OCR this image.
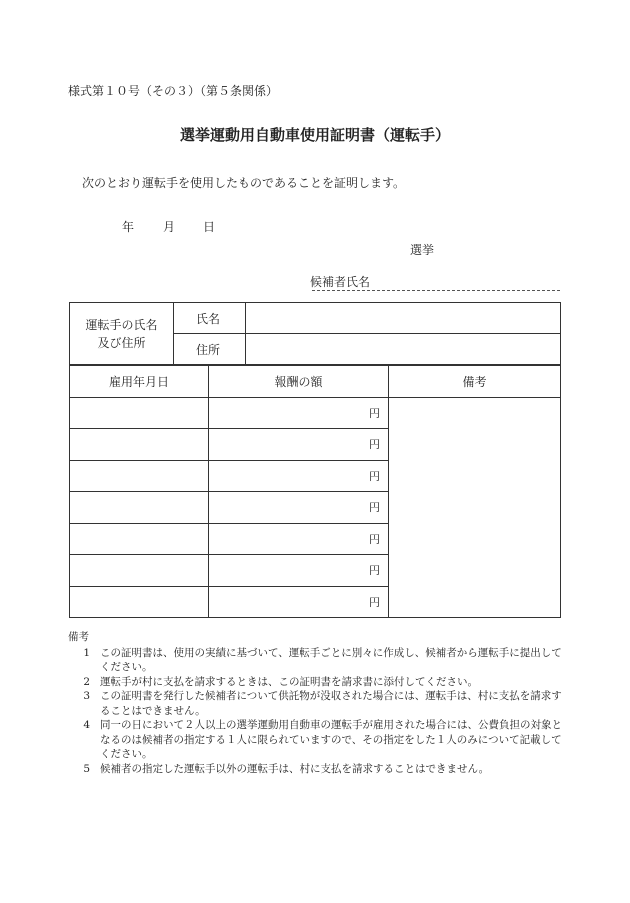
様式第１０号（その３）（第５条関係）
選挙運動用自動車使用証明書（運転手）
次のとおり運転手を使用したものであることを証明します。
年 月 日
選挙
候補者氏名
運転手の氏名
及び住所	氏名	
	住所	
雇用年月日	報酬の額	備考
	円	
	円	
	円	
	円	
	円	
	円	
	円	
備考
1 この証明書は、使用の実績に基づいて、運転手ごとに別々に作成し、候補者から運転手に提出してください。
2 運転手が村に支払を請求するときは、この証明書を請求書に添付してください。
3 この証明書を発行した候補者について供託物が没収された場合には、運転手は、村に支払を請求することはできません。
4 同一の日において２人以上の選挙運動用自動車の運転手が雇用された場合には、公費負担の対象となるのは候補者の指定する１人に限られていますので、その指定をした１人のみについて記載してください。
5 候補者の指定した運転手以外の運転手は、村に支払を請求することはできません。
